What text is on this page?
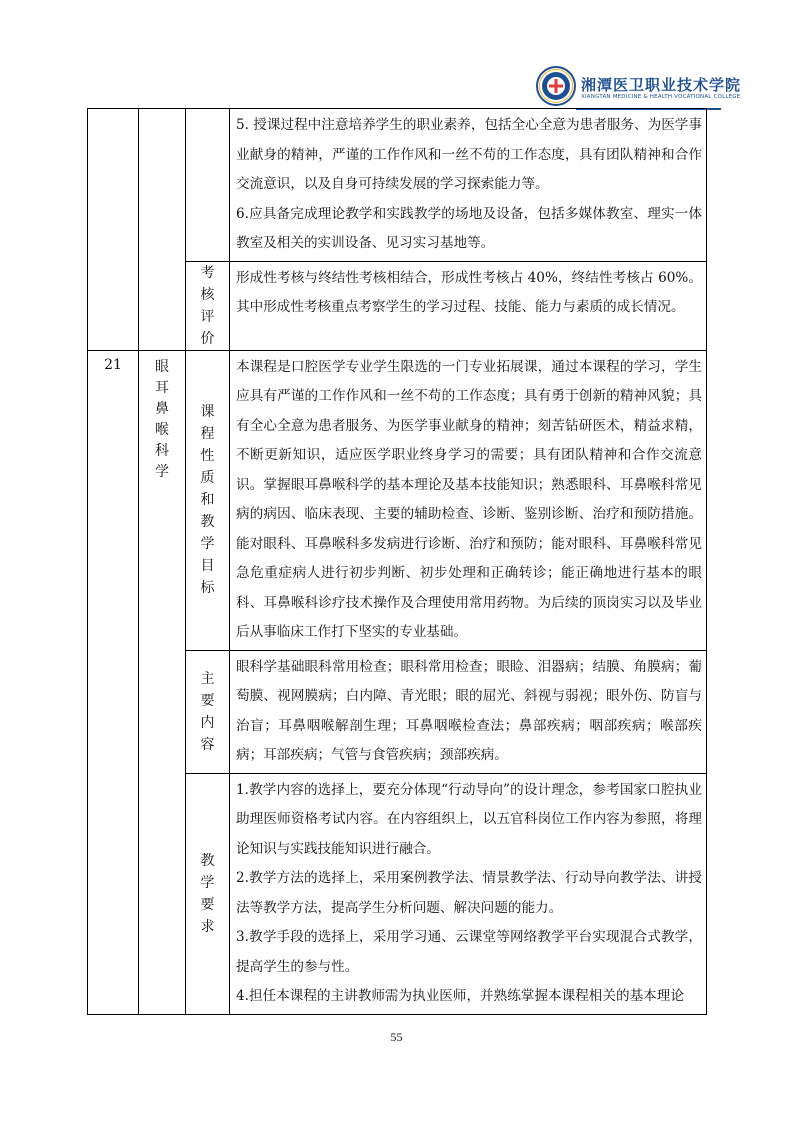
湘潭医卫职业技术学院
XIANGTAN MEDICINE & HEALTH VOCATIONAL COLLEGE

			5. 授课过程中注意培养学生的职业素养，包括全心全意为患者服务、为医学事业献身的精神，严谨的工作作风和一丝不苟的工作态度，具有团队精神和合作交流意识，以及自身可持续发展的学习探索能力等。
6.应具备完成理论教学和实践教学的场地及设备，包括多媒体教室、理实一体教室及相关的实训设备、见习实习基地等。

		考核评价	形成性考核与终结性考核相结合，形成性考核占 40%，终结性考核占 60%。其中形成性考核重点考察学生的学习过程、技能、能力与素质的成长情况。

21	眼耳鼻喉科学	课程性质和教学目标	本课程是口腔医学专业学生限选的一门专业拓展课，通过本课程的学习，学生应具有严谨的工作作风和一丝不苟的工作态度；具有勇于创新的精神风貌；具有全心全意为患者服务、为医学事业献身的精神；刻苦钻研医术，精益求精，不断更新知识，适应医学职业终身学习的需要；具有团队精神和合作交流意识。掌握眼耳鼻喉科学的基本理论及基本技能知识；熟悉眼科、耳鼻喉科常见病的病因、临床表现、主要的辅助检查、诊断、鉴别诊断、治疗和预防措施。能对眼科、耳鼻喉科多发病进行诊断、治疗和预防；能对眼科、耳鼻喉科常见急危重症病人进行初步判断、初步处理和正确转诊；能正确地进行基本的眼科、耳鼻喉科诊疗技术操作及合理使用常用药物。为后续的顶岗实习以及毕业后从事临床工作打下坚实的专业基础。

		主要内容	眼科学基础眼科常用检查；眼科常用检查；眼睑、泪器病；结膜、角膜病；葡萄膜、视网膜病；白内障、青光眼；眼的屈光、斜视与弱视；眼外伤、防盲与治盲；耳鼻咽喉解剖生理；耳鼻咽喉检查法；鼻部疾病；咽部疾病；喉部疾病；耳部疾病；气管与食管疾病；颈部疾病。

		教学要求	1.教学内容的选择上，要充分体现“行动导向”的设计理念，参考国家口腔执业助理医师资格考试内容。在内容组织上，以五官科岗位工作内容为参照，将理论知识与实践技能知识进行融合。
2.教学方法的选择上，采用案例教学法、情景教学法、行动导向教学法、讲授法等教学方法，提高学生分析问题、解决问题的能力。
3.教学手段的选择上，采用学习通、云课堂等网络教学平台实现混合式教学，提高学生的参与性。
4.担任本课程的主讲教师需为执业医师，并熟练掌握本课程相关的基本理论
55
